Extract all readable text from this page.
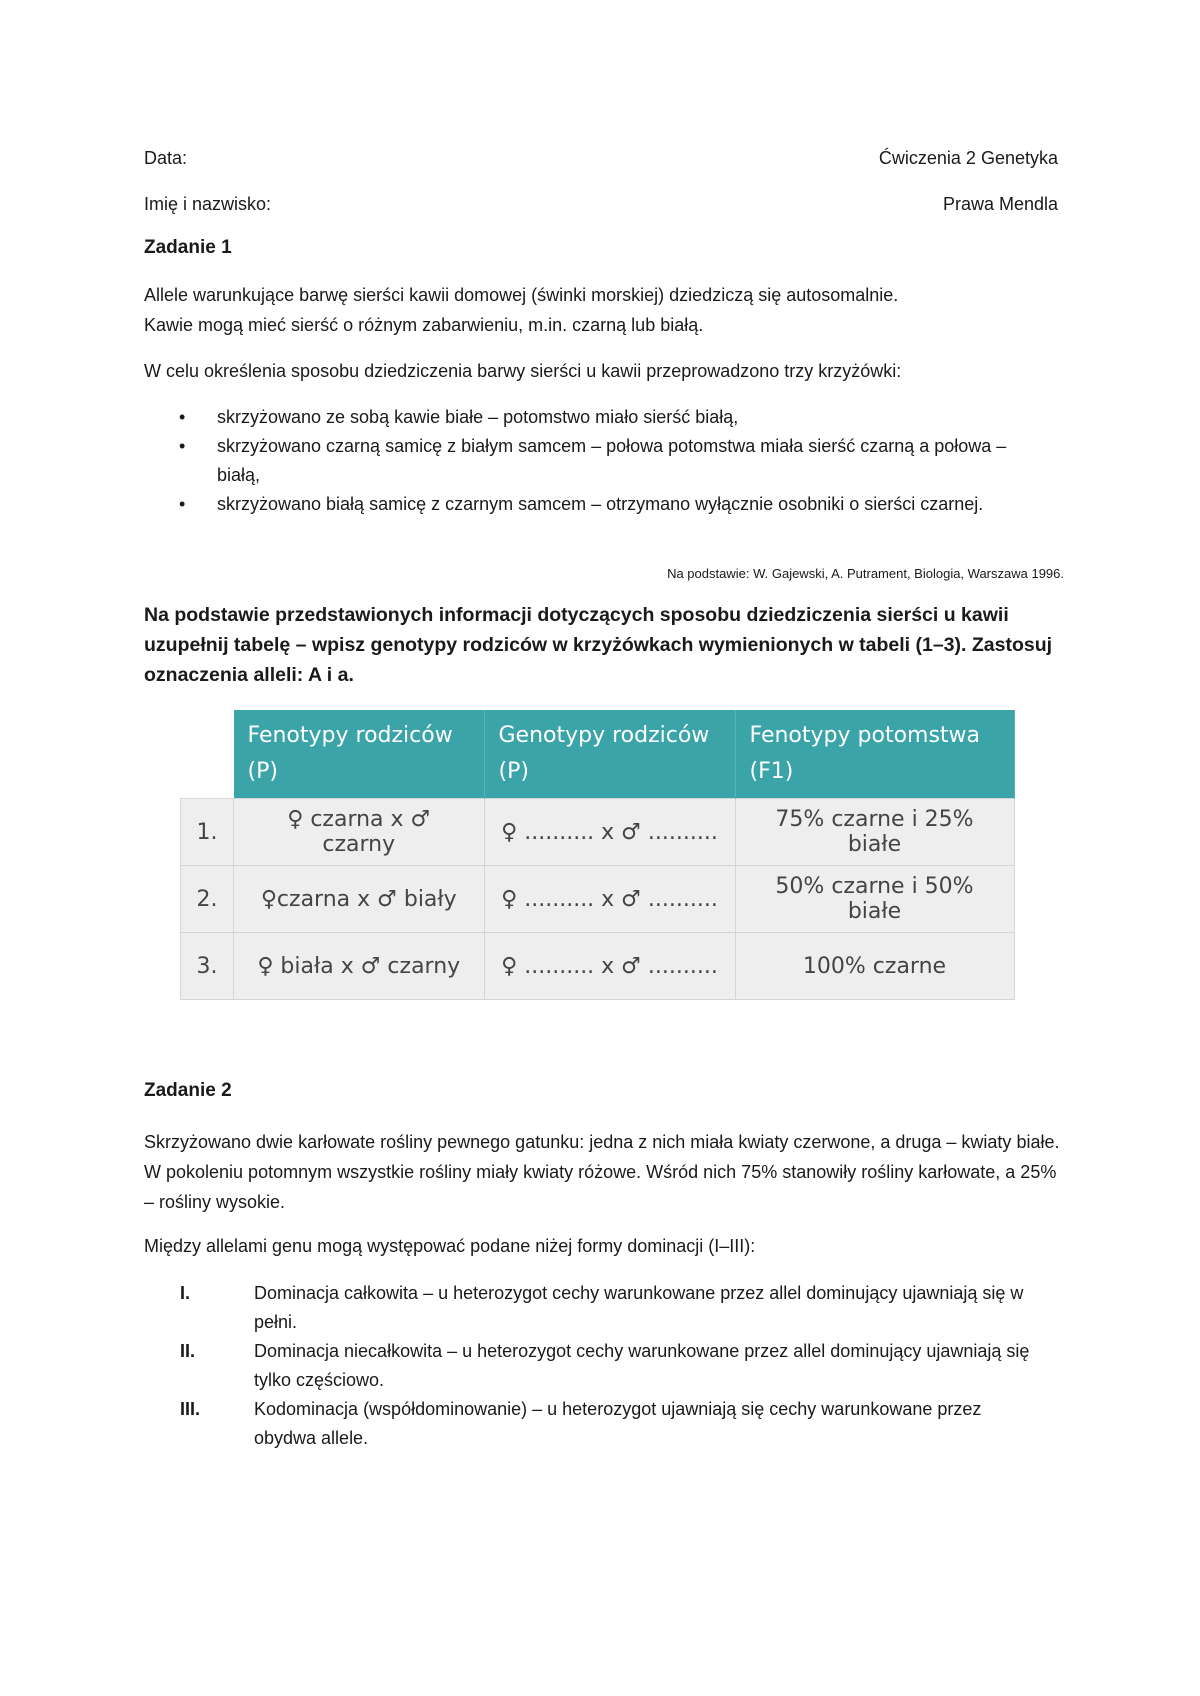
Data:	Ćwiczenia 2 Genetyka
Imię i nazwisko:	Prawa Mendla
Zadanie 1
Allele warunkujące barwę sierści kawii domowej (świnki morskiej) dziedziczą się autosomalnie.
Kawie mogą mieć sierść o różnym zabarwieniu, m.in. czarną lub białą.
W celu określenia sposobu dziedziczenia barwy sierści u kawii przeprowadzono trzy krzyżówki:
• skrzyżowano ze sobą kawie białe – potomstwo miało sierść białą,
• skrzyżowano czarną samicę z białym samcem – połowa potomstwa miała sierść czarną a połowa – białą,
• skrzyżowano białą samicę z czarnym samcem – otrzymano wyłącznie osobniki o sierści czarnej.
Na podstawie: W. Gajewski, A. Putrament, Biologia, Warszawa 1996.
Na podstawie przedstawionych informacji dotyczących sposobu dziedziczenia sierści u kawii uzupełnij tabelę – wpisz genotypy rodziców w krzyżówkach wymienionych w tabeli (1–3). Zastosuj oznaczenia alleli: A i a.
	Fenotypy rodziców (P)	Genotypy rodziców (P)	Fenotypy potomstwa (F1)
1.	♀ czarna x ♂ czarny	♀ .......... x ♂ ..........	75% czarne i 25% białe
2.	♀czarna x ♂ biały	♀ .......... x ♂ ..........	50% czarne i 50% białe
3.	♀ biała x ♂ czarny	♀ .......... x ♂ ..........	100% czarne
Zadanie 2
Skrzyżowano dwie karłowate rośliny pewnego gatunku: jedna z nich miała kwiaty czerwone, a druga – kwiaty białe. W pokoleniu potomnym wszystkie rośliny miały kwiaty różowe. Wśród nich 75% stanowiły rośliny karłowate, a 25% – rośliny wysokie.
Między allelami genu mogą występować podane niżej formy dominacji (I–III):
I.	Dominacja całkowita – u heterozygot cechy warunkowane przez allel dominujący ujawniają się w pełni.
II.	Dominacja niecałkowita – u heterozygot cechy warunkowane przez allel dominujący ujawniają się tylko częściowo.
III.	Kodominacja (współdominowanie) – u heterozygot ujawniają się cechy warunkowane przez obydwa allele.
